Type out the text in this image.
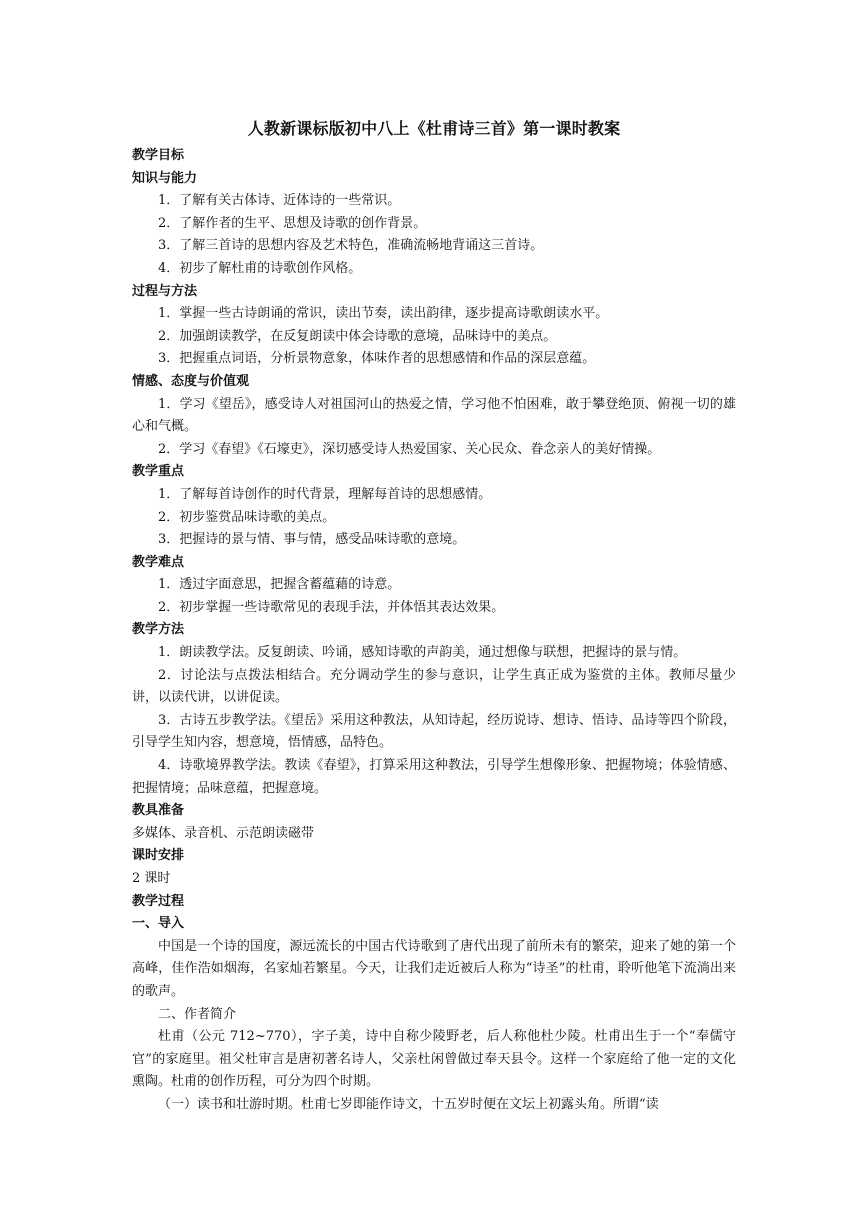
人教新课标版初中八上《杜甫诗三首》第一课时教案
教学目标
知识与能力
1．了解有关古体诗、近体诗的一些常识。
2．了解作者的生平、思想及诗歌的创作背景。
3．了解三首诗的思想内容及艺术特色，准确流畅地背诵这三首诗。
4．初步了解杜甫的诗歌创作风格。
过程与方法
1．掌握一些古诗朗诵的常识，读出节奏，读出韵律，逐步提高诗歌朗读水平。
2．加强朗读教学，在反复朗读中体会诗歌的意境，品味诗中的美点。
3．把握重点词语，分析景物意象，体味作者的思想感情和作品的深层意蕴。
情感、态度与价值观
1．学习《望岳》，感受诗人对祖国河山的热爱之情，学习他不怕困难，敢于攀登绝顶、俯视一切的雄心和气概。
2．学习《春望》《石壕吏》，深切感受诗人热爱国家、关心民众、眷念亲人的美好情操。
教学重点
1．了解每首诗创作的时代背景，理解每首诗的思想感情。
2．初步鉴赏品味诗歌的美点。
3．把握诗的景与情、事与情，感受品味诗歌的意境。
教学难点
1．透过字面意思，把握含蓄蕴藉的诗意。
2．初步掌握一些诗歌常见的表现手法，并体悟其表达效果。
教学方法
1．朗读教学法。反复朗读、吟诵，感知诗歌的声韵美，通过想像与联想，把握诗的景与情。
2．讨论法与点拨法相结合。充分调动学生的参与意识，让学生真正成为鉴赏的主体。教师尽量少讲，以读代讲，以讲促读。
3．古诗五步教学法。《望岳》采用这种教法，从知诗起，经历说诗、想诗、悟诗、品诗等四个阶段，引导学生知内容，想意境，悟情感，品特色。
4．诗歌境界教学法。教读《春望》，打算采用这种教法，引导学生想像形象、把握物境；体验情感、把握情境；品味意蕴，把握意境。
教具准备
多媒体、录音机、示范朗读磁带
课时安排
2 课时
教学过程
一、导入
中国是一个诗的国度，源远流长的中国古代诗歌到了唐代出现了前所未有的繁荣，迎来了她的第一个高峰，佳作浩如烟海，名家灿若繁星。今天，让我们走近被后人称为“诗圣”的杜甫，聆听他笔下流淌出来的歌声。
二、作者简介
杜甫（公元 712~770），字子美，诗中自称少陵野老，后人称他杜少陵。杜甫出生于一个“奉儒守官”的家庭里。祖父杜审言是唐初著名诗人，父亲杜闲曾做过奉天县令。这样一个家庭给了他一定的文化熏陶。杜甫的创作历程，可分为四个时期。
（一）读书和壮游时期。杜甫七岁即能作诗文，十五岁时便在文坛上初露头角。所谓“读
